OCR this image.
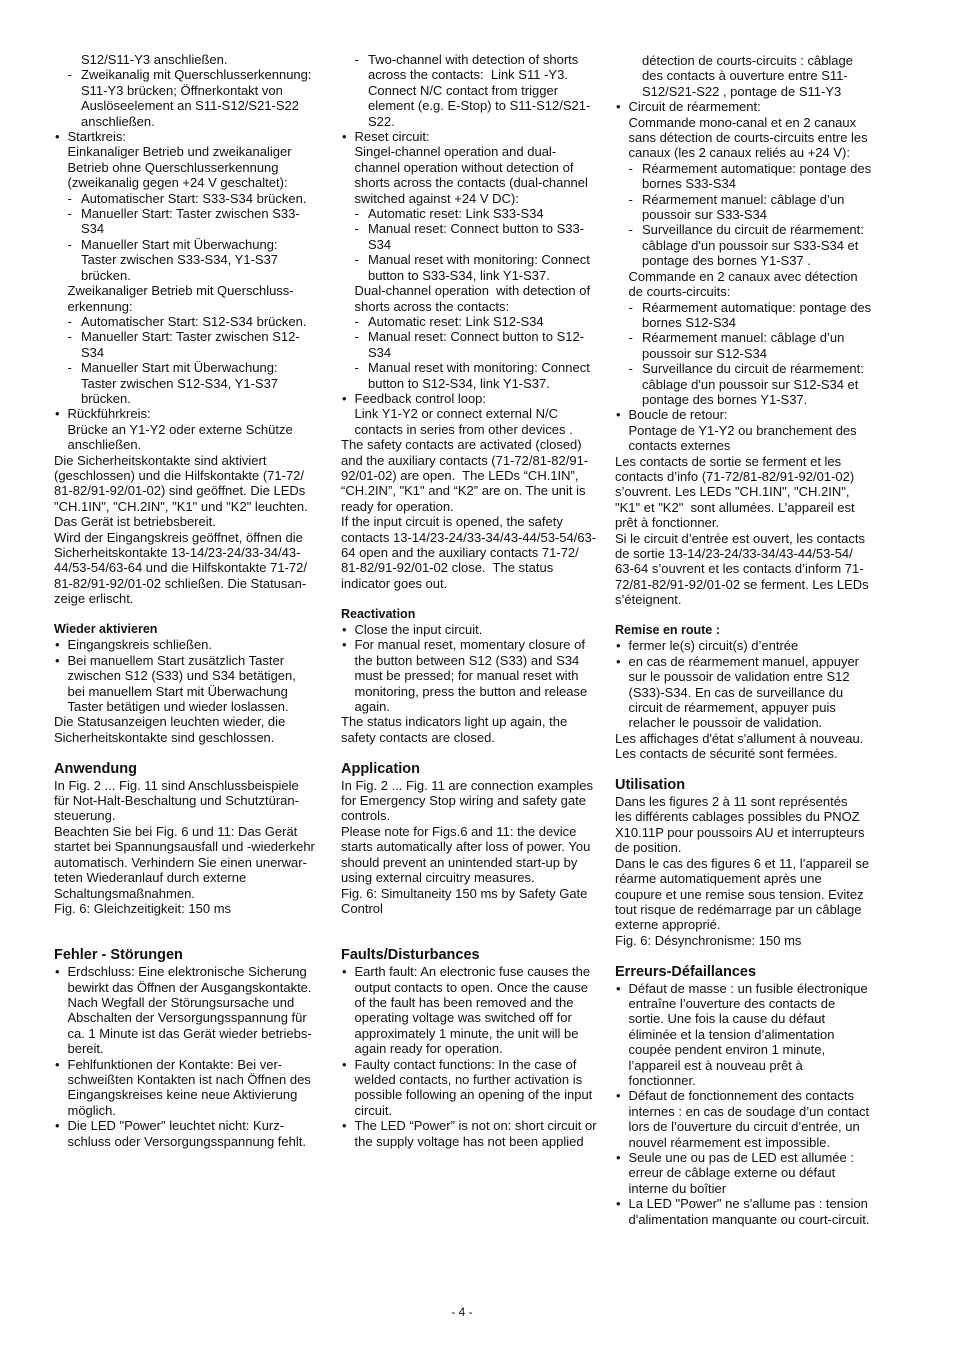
S12/S11-Y3 anschließen.
- Zweikanalig mit Querschlusserkennung:
S11-Y3 brücken; Öffnerkontakt von
Auslöseelement an S11-S12/S21-S22
anschließen.
• Startkreis:
Einkanaliger Betrieb und zweikanaliger
Betrieb ohne Querschlusserkennung
(zweikanalig gegen +24 V geschaltet):
- Automatischer Start: S33-S34 brücken.
- Manueller Start: Taster zwischen S33-
S34
- Manueller Start mit Überwachung:
Taster zwischen S33-S34, Y1-S37
brücken.
Zweikanaliger Betrieb mit Querschluss-
erkennung:
- Automatischer Start: S12-S34 brücken.
- Manueller Start: Taster zwischen S12-
S34
- Manueller Start mit Überwachung:
Taster zwischen S12-S34, Y1-S37
brücken.
• Rückführkreis:
Brücke an Y1-Y2 oder externe Schütze
anschließen.
Die Sicherheitskontakte sind aktiviert
(geschlossen) und die Hilfskontakte (71-72/
81-82/91-92/01-02) sind geöffnet. Die LEDs
"CH.1IN", "CH.2IN", "K1" und "K2" leuchten.
Das Gerät ist betriebsbereit.
Wird der Eingangskreis geöffnet, öffnen die
Sicherheitskontakte 13-14/23-24/33-34/43-
44/53-54/63-64 und die Hilfskontakte 71-72/
81-82/91-92/01-02 schließen. Die Statusan-
zeige erlischt.
Wieder aktivieren
• Eingangskreis schließen.
• Bei manuellem Start zusätzlich Taster
zwischen S12 (S33) und S34 betätigen,
bei manuellem Start mit Überwachung
Taster betätigen und wieder loslassen.
Die Statusanzeigen leuchten wieder, die
Sicherheitskontakte sind geschlossen.
Anwendung
In Fig. 2 ... Fig. 11 sind Anschlussbeispiele
für Not-Halt-Beschaltung und Schutztüran-
steuerung.
Beachten Sie bei Fig. 6 und 11: Das Gerät
startet bei Spannungsausfall und -wiederkehr
automatisch. Verhindern Sie einen unerwar-
teten Wiederanlauf durch externe
Schaltungsmaßnahmen.
Fig. 6: Gleichzeitigkeit: 150 ms
Fehler - Störungen
• Erdschluss: Eine elektronische Sicherung
bewirkt das Öffnen der Ausgangskontakte.
Nach Wegfall der Störungsursache und
Abschalten der Versorgungsspannung für
ca. 1 Minute ist das Gerät wieder betriebs-
bereit.
• Fehlfunktionen der Kontakte: Bei ver-
schweißten Kontakten ist nach Öffnen des
Eingangskreises keine neue Aktivierung
möglich.
• Die LED "Power" leuchtet nicht: Kurz-
schluss oder Versorgungsspannung fehlt.
- Two-channel with detection of shorts
across the contacts:  Link S11 -Y3.
Connect N/C contact from trigger
element (e.g. E-Stop) to S11-S12/S21-
S22.
• Reset circuit:
Singel-channel operation and dual-
channel operation without detection of
shorts across the contacts (dual-channel
switched against +24 V DC):
- Automatic reset: Link S33-S34
- Manual reset: Connect button to S33-
S34
- Manual reset with monitoring: Connect
button to S33-S34, link Y1-S37.
Dual-channel operation  with detection of
shorts across the contacts:
- Automatic reset: Link S12-S34
- Manual reset: Connect button to S12-
S34
- Manual reset with monitoring: Connect
button to S12-S34, link Y1-S37.
• Feedback control loop:
Link Y1-Y2 or connect external N/C
contacts in series from other devices .
The safety contacts are activated (closed)
and the auxiliary contacts (71-72/81-82/91-
92/01-02) are open.  The LEDs “CH.1IN”,
“CH.2IN”, "K1" and “K2” are on. The unit is
ready for operation.
If the input circuit is opened, the safety
contacts 13-14/23-24/33-34/43-44/53-54/63-
64 open and the auxiliary contacts 71-72/
81-82/91-92/01-02 close.  The status
indicator goes out.
Reactivation
• Close the input circuit.
• For manual reset, momentary closure of
the button between S12 (S33) and S34
must be pressed; for manual reset with
monitoring, press the button and release
again.
The status indicators light up again, the
safety contacts are closed.
Application
In Fig. 2 ... Fig. 11 are connection examples
for Emergency Stop wiring and safety gate
controls.
Please note for Figs.6 and 11: the device
starts automatically after loss of power. You
should prevent an unintended start-up by
using external circuitry measures.
Fig. 6: Simultaneity 150 ms by Safety Gate
Control
Faults/Disturbances
• Earth fault: An electronic fuse causes the
output contacts to open. Once the cause
of the fault has been removed and the
operating voltage was switched off for
approximately 1 minute, the unit will be
again ready for operation.
• Faulty contact functions: In the case of
welded contacts, no further activation is
possible following an opening of the input
circuit.
• The LED “Power” is not on: short circuit or
the supply voltage has not been applied
détection de courts-circuits : câblage
des contacts à ouverture entre S11-
S12/S21-S22 , pontage de S11-Y3
• Circuit de réarmement:
Commande mono-canal et en 2 canaux
sans détection de courts-circuits entre les
canaux (les 2 canaux reliés au +24 V):
- Réarmement automatique: pontage des
bornes S33-S34
- Réarmement manuel: câblage d’un
poussoir sur S33-S34
- Surveillance du circuit de réarmement:
câblage d'un poussoir sur S33-S34 et
pontage des bornes Y1-S37 .
Commande en 2 canaux avec détection
de courts-circuits:
- Réarmement automatique: pontage des
bornes S12-S34
- Réarmement manuel: câblage d’un
poussoir sur S12-S34
- Surveillance du circuit de réarmement:
câblage d'un poussoir sur S12-S34 et
pontage des bornes Y1-S37.
• Boucle de retour:
Pontage de Y1-Y2 ou branchement des
contacts externes
Les contacts de sortie se ferment et les
contacts d’info (71-72/81-82/91-92/01-02)
s’ouvrent. Les LEDs "CH.1IN", "CH.2IN",
"K1" et "K2"  sont allumées. L’appareil est
prêt à fonctionner.
Si le circuit d’entrée est ouvert, les contacts
de sortie 13-14/23-24/33-34/43-44/53-54/
63-64 s’ouvrent et les contacts d’inform 71-
72/81-82/91-92/01-02 se ferment. Les LEDs
s’éteignent.
Remise en route :
• fermer le(s) circuit(s) d’entrée
• en cas de réarmement manuel, appuyer
sur le poussoir de validation entre S12
(S33)-S34. En cas de surveillance du
circuit de réarmement, appuyer puis
relacher le poussoir de validation.
Les affichages d'état s'allument à nouveau.
Les contacts de sécurité sont fermées.
Utilisation
Dans les figures 2 à 11 sont représentés
les différents cablages possibles du PNOZ
X10.11P pour poussoirs AU et interrupteurs
de position.
Dans le cas des figures 6 et 11, l’appareil se
réarme automatiquement après une
coupure et une remise sous tension. Evitez
tout risque de redémarrage par un câblage
externe approprié.
Fig. 6: Désynchronisme: 150 ms
Erreurs-Défaillances
• Défaut de masse : un fusible électronique
entraîne l’ouverture des contacts de
sortie. Une fois la cause du défaut
éliminée et la tension d’alimentation
coupée pendent environ 1 minute,
l’appareil est à nouveau prêt à
fonctionner.
• Défaut de fonctionnement des contacts
internes : en cas de soudage d’un contact
lors de l’ouverture du circuit d’entrée, un
nouvel réarmement est impossible.
• Seule une ou pas de LED est allumée :
erreur de câblage externe ou défaut
interne du boîtier
• La LED "Power" ne s'allume pas : tension
d'alimentation manquante ou court-circuit.
- 4 -
